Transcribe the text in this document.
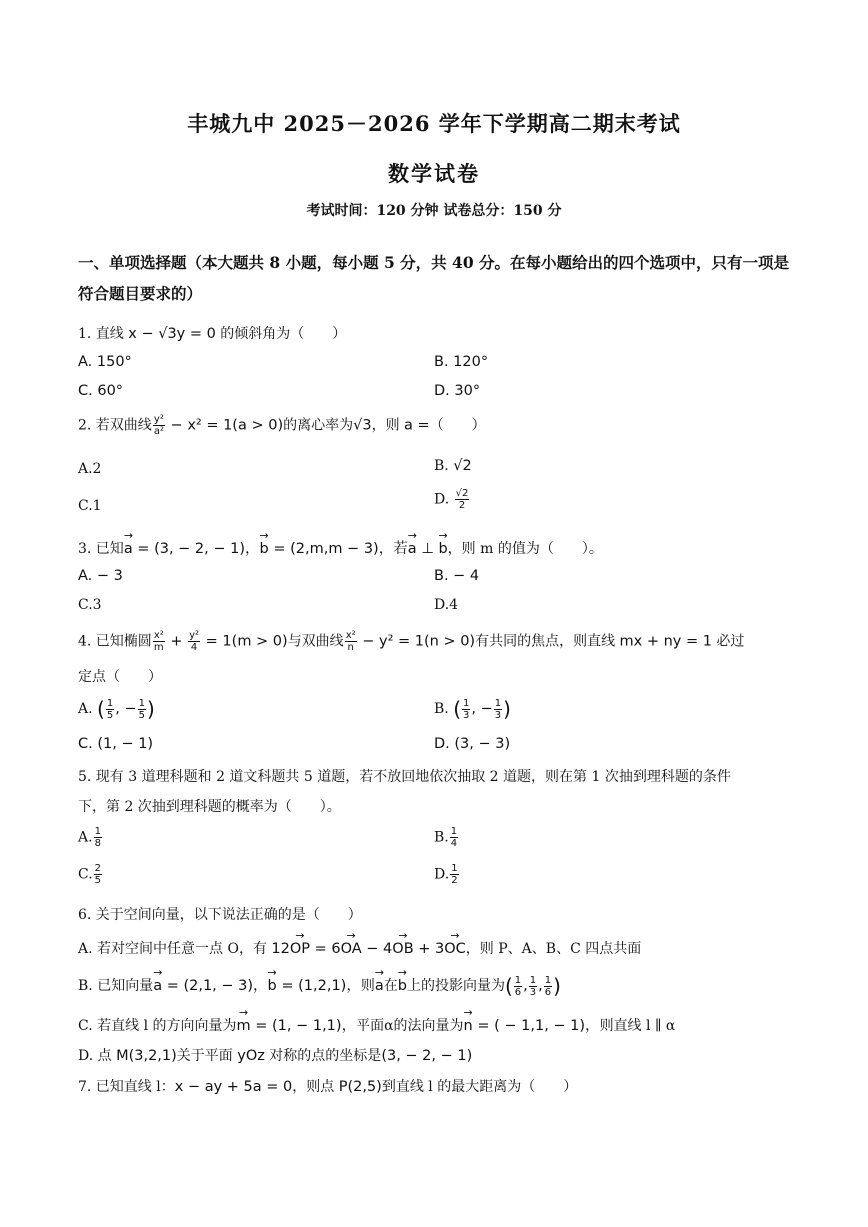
丰城九中 2025－2026 学年下学期高二期末考试
数学试卷
考试时间：120 分钟 试卷总分：150 分
一、单项选择题（本大题共 8 小题，每小题 5 分，共 40 分。在每小题给出的四个选项中，只有一项是符合题目要求的）
1. 直线 x − √3y = 0 的倾斜角为（　　）
A. 150°	B. 120°
C. 60°	D. 30°
2. 若双曲线 $\frac{\text{y²}}{\text{a²}} - x^2 = 1(a > 0)$的离心率为√3，则 a =（　　）
A.2	B. √2
C.1	D. $\frac{√2}{2}$
3. 已知→ a = (3, − 2, − 1)，→ b = (2,m,m − 3)，若→ a ⊥ → b，则 m 的值为（　　）。
A. − 3	B. − 4
C.3	D.4
4. 已知椭圆 $\frac{\text{x²}}{m} + \frac{\text{y²}}{4} = 1(m > 0)$与双曲线 $\frac{\text{x²}}{n} - y^2 = 1(n > 0)$有共同的焦点，则直线 mx + ny = 1 必过
定点（　　）
A. ( $\frac{1}{5}$ , − $\frac{1}{5}$ )	B. ( $\frac{1}{3}$ , − $\frac{1}{3}$ )
C. (1, − 1)	D. (3, − 3)
5. 现有 3 道理科题和 2 道文科题共 5 道题，若不放回地依次抽取 2 道题，则在第 1 次抽到理科题的条件
下，第 2 次抽到理科题的概率为（　　）。
A. $\frac{1}{8}$	B. $\frac{1}{4}$
C. $\frac{2}{5}$	D. $\frac{1}{2}$
6. 关于空间向量，以下说法正确的是（　　）
A. 若对空间中任意一点 O，有 12→ OP = 6→ OA − 4→ OB + 3→ OC，则 P、A、B、C 四点共面
B. 已知向量→ a = (2,1, − 3)，→ b = (1,2,1)，则→ a在→ b上的投影向量为( $\frac{1}{6}$ , $\frac{1}{3}$ , $\frac{1}{6}$ )
C. 若直线 l 的方向向量为→ m = (1, − 1,1)，平面α的法向量为→ n = ( − 1,1, − 1)，则直线 l ∥ α
D. 点 M(3,2,1)关于平面 yOz 对称的点的坐标是(3, − 2, − 1)
7. 已知直线 l：x − ay + 5a = 0，则点 P(2,5)到直线 l 的最大距离为（　　）
